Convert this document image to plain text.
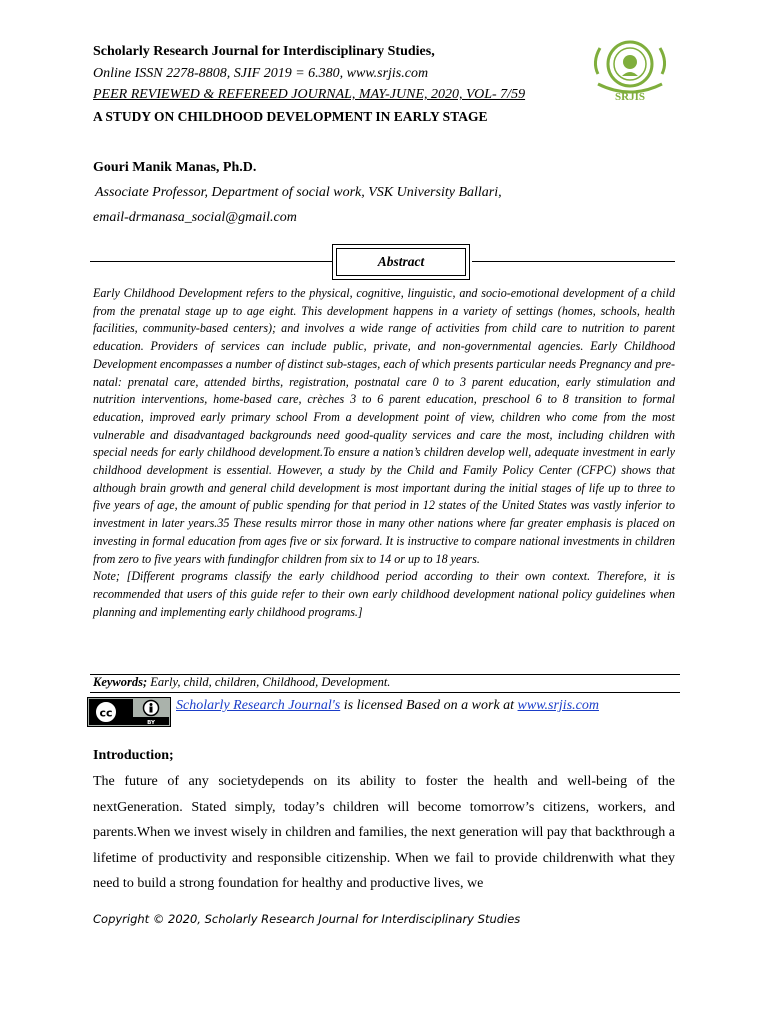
Scholarly Research Journal for Interdisciplinary Studies,
Online ISSN 2278-8808, SJIF 2019 = 6.380, www.srjis.com
PEER REVIEWED & REFEREED JOURNAL, MAY-JUNE, 2020, VOL- 7/59	SRJIS
A STUDY ON CHILDHOOD DEVELOPMENT IN EARLY STAGE
Gouri Manik Manas, Ph.D.
Associate Professor, Department of social work, VSK University Ballari,
email-drmanasa_social@gmail.com
Abstract

Early Childhood Development refers to the physical, cognitive, linguistic, and socio-emotional development of a child from the prenatal stage up to age eight. This development happens in a variety of settings (homes, schools, health facilities, community-based centers); and involves a wide range of activities from child care to nutrition to parent education. Providers of services can include public, private, and non-governmental agencies. Early Childhood Development encompasses a number of distinct sub-stages, each of which presents particular needs Pregnancy and pre-natal: prenatal care, attended births, registration, postnatal care 0 to 3 parent education, early stimulation and nutrition interventions, home-based care, crèches 3 to 6 parent education, preschool 6 to 8 transition to formal education, improved early primary school From a development point of view, children who come from the most vulnerable and disadvantaged backgrounds need good-quality services and care the most, including children with special needs for early childhood development.To ensure a nation’s children develop well, adequate investment in early childhood development is essential. However, a study by the Child and Family Policy Center (CFPC) shows that although brain growth and general child development is most important during the initial stages of life up to three to five years of age, the amount of public spending for that period in 12 states of the United States was vastly inferior to investment in later years.35 These results mirror those in many other nations where far greater emphasis is placed on investing in formal education from ages five or six forward. It is instructive to compare national investments in children from zero to five years with fundingfor children from six to 14 or up to 18 years.

Note; [Different programs classify the early childhood period according to their own context. Therefore, it is recommended that users of this guide refer to their own early childhood development national policy guidelines when planning and implementing early childhood programs.]

Keywords; Early, child, children, Childhood, Development.
cc
BY
Scholarly Research Journal's is licensed Based on a work at www.srjis.com
Introduction;
The future of any societydepends on its ability to foster the health and well-being of the nextGeneration. Stated simply, today’s children will become tomorrow’s citizens, workers, and parents.When we invest wisely in children and families, the next generation will pay that backthrough a lifetime of productivity and responsible citizenship. When we fail to provide childrenwith what they need to build a strong foundation for healthy and productive lives, we
Copyright © 2020, Scholarly Research Journal for Interdisciplinary Studies
